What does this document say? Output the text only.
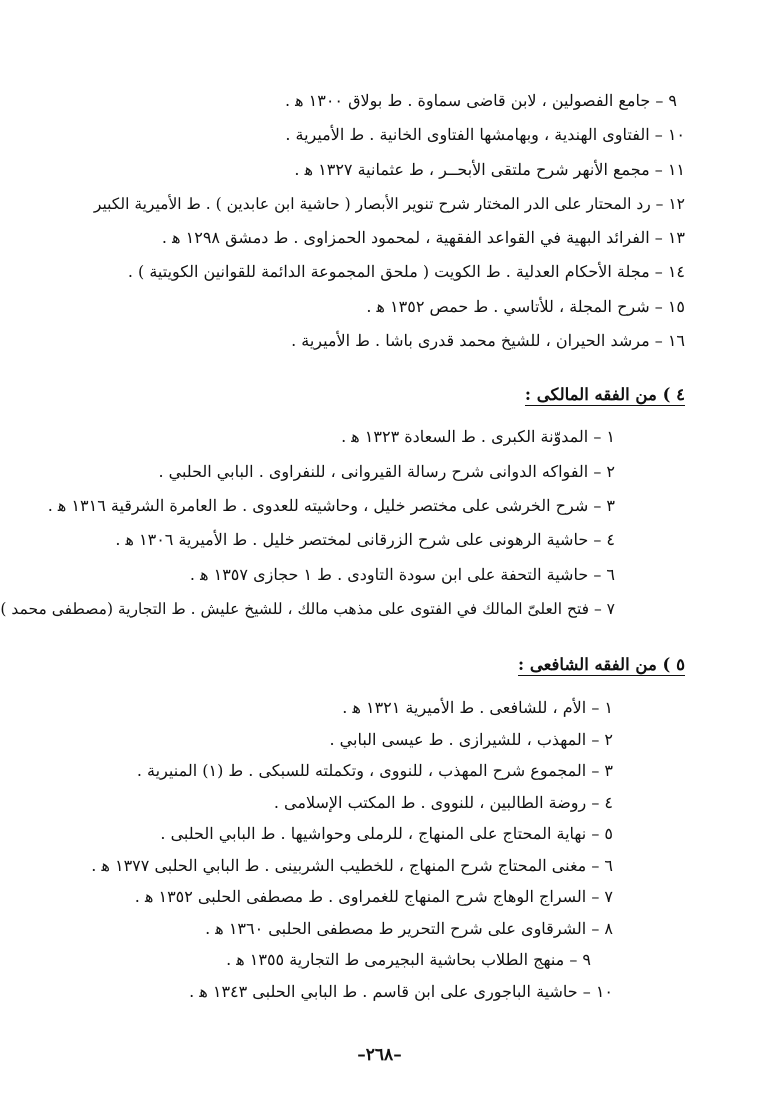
٩ – جامع الفصولين ، لابن قاضى سماوة . ط بولاق ١٣٠٠ ﻫ .
١٠ – الفتاوى الهندية ، وبهامشها الفتاوى الخانية . ط الأميرية .
١١ – مجمع الأنهر شرح ملتقى الأبحــر ، ط عثمانية ١٣٢٧ ﻫ .
١٢ – رد المحتار على الدر المختار شرح تنوير الأبصار ( حاشية ابن عابدين ) . ط الأميرية الكبير
١٣ – الفرائد البهية في القواعد الفقهية ، لمحمود الحمزاوى . ط دمشق ١٢٩٨ ﻫ .
١٤ – مجلة الأحكام العدلية . ط الكويت ( ملحق المجموعة الدائمة للقوانين الكويتية ) .
١٥ – شرح المجلة ، للأتاسي . ط حمص ١٣٥٢ ﻫ .
١٦ – مرشد الحيران ، للشيخ محمد قدرى باشا . ط الأميرية .
٤ ) من الفقه المالكى :
١ – المدوّنة الكبرى . ط السعادة ١٣٢٣ ﻫ .
٢ – الفواكه الدوانى شرح رسالة القيروانى ، للنفراوى . البابي الحلبي .
٣ – شرح الخرشى على مختصر خليل ، وحاشيته للعدوى . ط العامرة الشرقية ١٣١٦ ﻫ .
٤ – حاشية الرهونى على شرح الزرقانى لمختصر خليل . ط الأميرية ١٣٠٦ ﻫ .
٦ – حاشية التحفة على ابن سودة التاودى . ط ١ حجازى ١٣٥٧ ﻫ .
٧ – فتح العلىّ المالك في الفتوى على مذهب مالك ، للشيخ عليش . ط التجارية (مصطفى محمد )
٥ ) من الفقه الشافعى :
١ – الأم ، للشافعى . ط الأميرية ١٣٢١ ﻫ .
٢ – المهذب ، للشيرازى . ط عيسى البابي .
٣ – المجموع شرح المهذب ، للنووى ، وتكملته للسبكى . ط (١) المنيرية .
٤ – روضة الطالبين ، للنووى . ط المكتب الإسلامى .
٥ – نهاية المحتاج على المنهاج ، للرملى وحواشيها . ط البابي الحلبى .
٦ – مغنى المحتاج شرح المنهاج ، للخطيب الشربينى . ط البابي الحلبى ١٣٧٧ ﻫ .
٧ – السراج الوهاج شرح المنهاج للغمراوى . ط مصطفى الحلبى ١٣٥٢ ﻫ .
٨ – الشرقاوى على شرح التحرير ط مصطفى الحلبى ١٣٦٠ ﻫ .
٩ – منهج الطلاب بحاشية البجيرمى ط التجارية ١٣٥٥ ﻫ .
١٠ – حاشية الباجورى على ابن قاسم . ط البابي الحلبى ١٣٤٣ ﻫ .
–٢٦٨–
